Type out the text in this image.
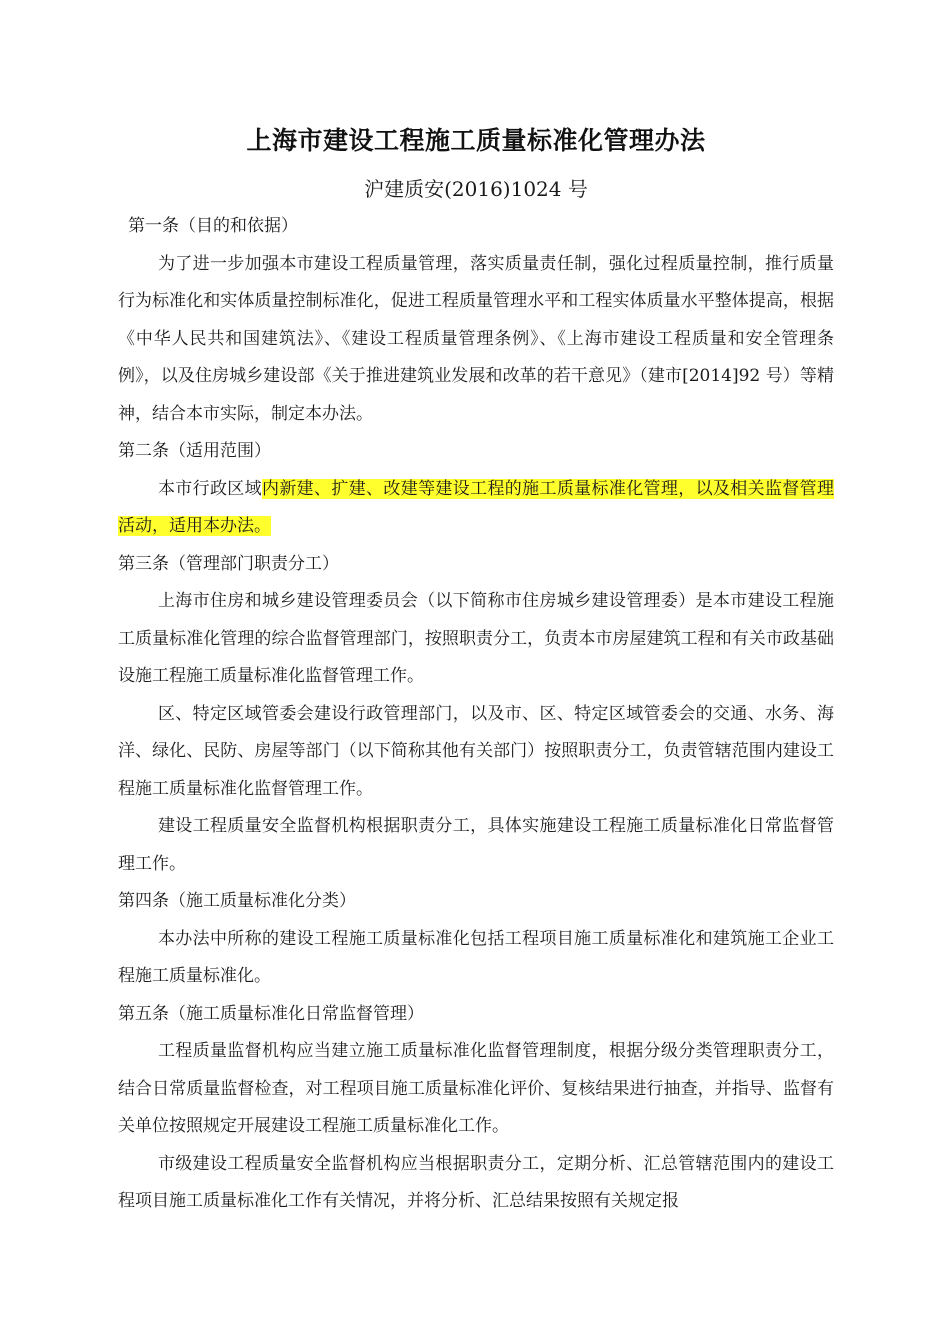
上海市建设工程施工质量标准化管理办法

沪建质安(2016)1024 号

第一条（目的和依据）

为了进一步加强本市建设工程质量管理，落实质量责任制，强化过程质量控制，推行质量行为标准化和实体质量控制标准化，促进工程质量管理水平和工程实体质量水平整体提高，根据《中华人民共和国建筑法》、《建设工程质量管理条例》、《上海市建设工程质量和安全管理条例》，以及住房城乡建设部《关于推进建筑业发展和改革的若干意见》（建市[2014]92 号）等精神，结合本市实际，制定本办法。

第二条（适用范围）

本市行政区域内新建、扩建、改建等建设工程的施工质量标准化管理，以及相关监督管理活动，适用本办法。

第三条（管理部门职责分工）

上海市住房和城乡建设管理委员会（以下简称市住房城乡建设管理委）是本市建设工程施工质量标准化管理的综合监督管理部门，按照职责分工，负责本市房屋建筑工程和有关市政基础设施工程施工质量标准化监督管理工作。

区、特定区域管委会建设行政管理部门，以及市、区、特定区域管委会的交通、水务、海洋、绿化、民防、房屋等部门（以下简称其他有关部门）按照职责分工，负责管辖范围内建设工程施工质量标准化监督管理工作。

建设工程质量安全监督机构根据职责分工，具体实施建设工程施工质量标准化日常监督管理工作。

第四条（施工质量标准化分类）

本办法中所称的建设工程施工质量标准化包括工程项目施工质量标准化和建筑施工企业工程施工质量标准化。

第五条（施工质量标准化日常监督管理）

工程质量监督机构应当建立施工质量标准化监督管理制度，根据分级分类管理职责分工，结合日常质量监督检查，对工程项目施工质量标准化评价、复核结果进行抽查，并指导、监督有关单位按照规定开展建设工程施工质量标准化工作。

市级建设工程质量安全监督机构应当根据职责分工，定期分析、汇总管辖范围内的建设工程项目施工质量标准化工作有关情况，并将分析、汇总结果按照有关规定报
